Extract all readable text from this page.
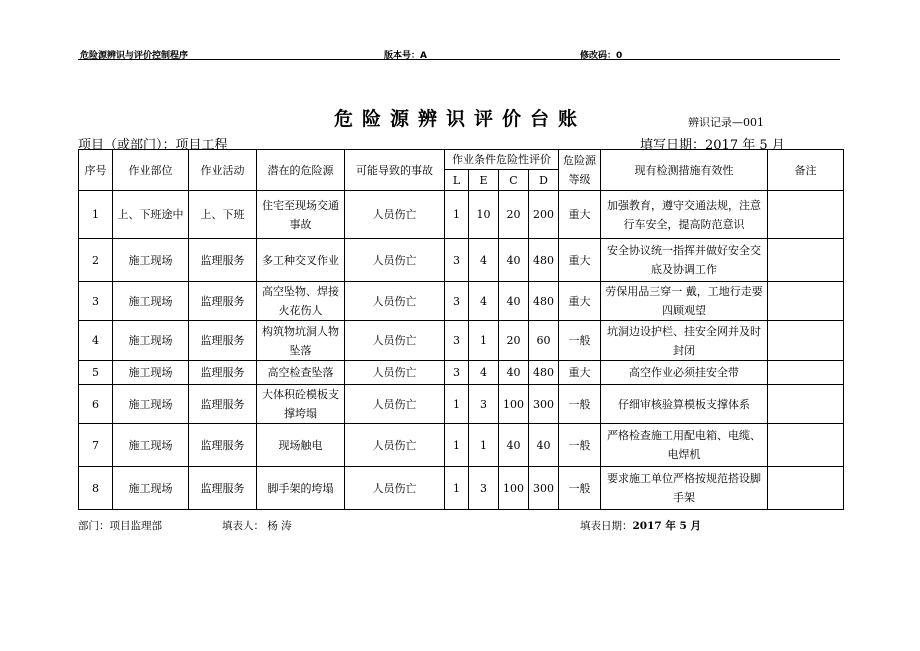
危险源辨识与评价控制程序	版本号：A	修改码：0
危险源辨识评价台账	辨识记录—001
项目（或部门）：项目工程	填写日期：2017 年 5 月
序号	作业部位	作业活动	潜在的危险源	可能导致的事故	作业条件危险性评价				危险源等级	现有检测措施有效性	备注
					L	E	C	D			
1	上、下班途中	上、下班	住宅至现场交通事故	人员伤亡	1	10	20	200	重大	加强教育，遵守交通法规，注意行车安全，提高防范意识	
2	施工现场	监理服务	多工种交叉作业	人员伤亡	3	4	40	480	重大	安全协议统一指挥并做好安全交底及协调工作	
3	施工现场	监理服务	高空坠物、焊接火花伤人	人员伤亡	3	4	40	480	重大	劳保用品三穿一 戴，工地行走要四顾观望	
4	施工现场	监理服务	构筑物坑洞人物坠落	人员伤亡	3	1	20	60	一般	坑洞边设护栏、挂安全网并及时封闭	
5	施工现场	监理服务	高空检查坠落	人员伤亡	3	4	40	480	重大	高空作业必须挂安全带	
6	施工现场	监理服务	大体积砼模板支撑垮塌	人员伤亡	1	3	100	300	一般	仔细审核验算模板支撑体系	
7	施工现场	监理服务	现场触电	人员伤亡	1	1	40	40	一般	严格检查施工用配电箱、电缆、电焊机	
8	施工现场	监理服务	脚手架的垮塌	人员伤亡	1	3	100	300	一般	要求施工单位严格按规范搭设脚手架	
部门：项目监理部	填表人： 杨 涛	填表日期：2017 年 5 月
